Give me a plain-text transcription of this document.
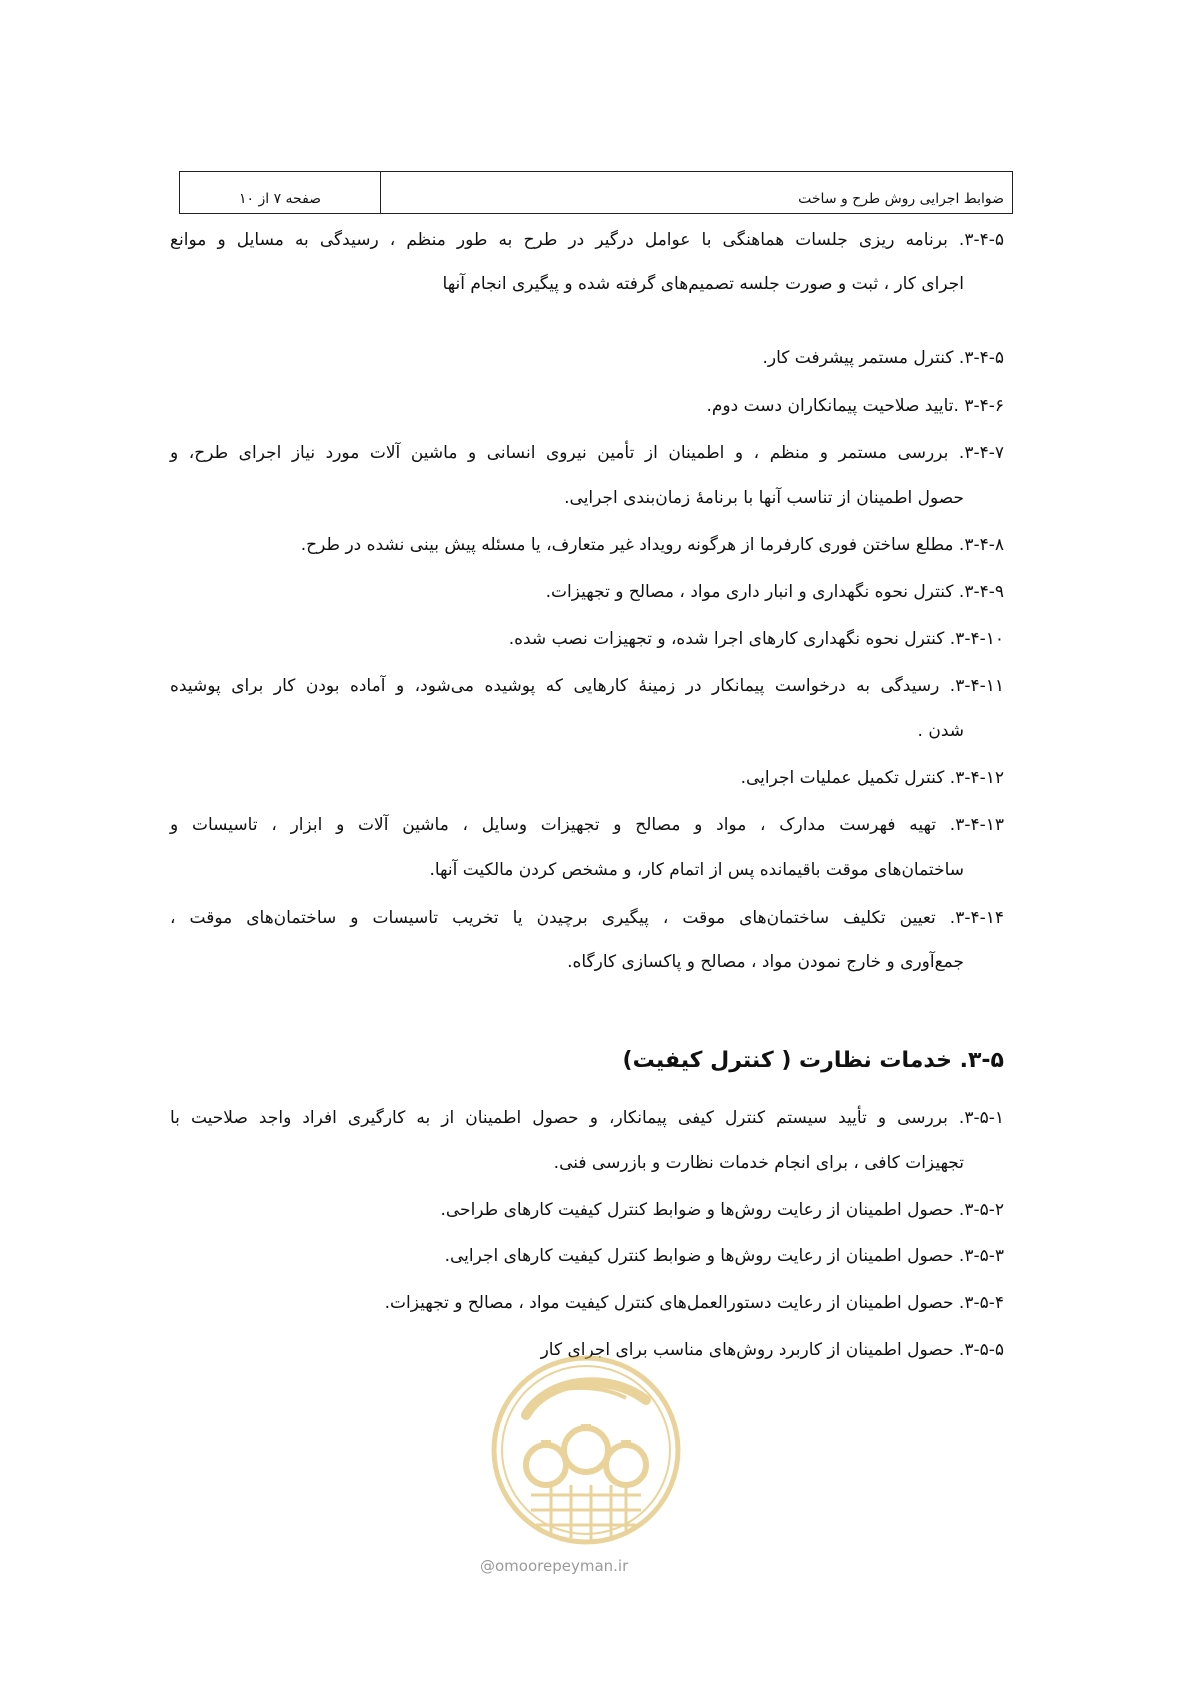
صفحه ۷ از ۱۰	ضوابط اجرایی روش طرح و ساخت
۳-۴-۵. برنامه ریزی جلسات هماهنگی با عوامل درگیر در طرح به طور منظم ، رسیدگی به مسایل و موانع
اجرای کار ، ثبت و صورت جلسه تصمیم‌های گرفته شده و پیگیری انجام آنها
۳-۴-۵. کنترل مستمر پیشرفت کار.
۳-۴-۶ .تایید صلاحیت پیمانکاران دست دوم.
۳-۴-۷. بررسی مستمر و منظم ، و اطمینان از تأمین نیروی انسانی و ماشین آلات مورد نیاز اجرای طرح، و
حصول اطمینان از تناسب آنها با برنامهٔ زمان‌بندی اجرایی.
۳-۴-۸. مطلع ساختن فوری کارفرما از هرگونه رویداد غیر متعارف، یا مسئله پیش بینی نشده در طرح.
۳-۴-۹. کنترل نحوه نگهداری و انبار داری مواد ، مصالح و تجهیزات.
۳-۴-۱۰. کنترل نحوه نگهداری کارهای اجرا شده، و تجهیزات نصب شده.
۳-۴-۱۱. رسیدگی به درخواست پیمانکار در زمینهٔ کارهایی که پوشیده می‌شود، و آماده بودن کار برای پوشیده
شدن .
۳-۴-۱۲. کنترل تکمیل عملیات اجرایی.
۳-۴-۱۳. تهیه فهرست مدارک ، مواد و مصالح و تجهیزات وسایل ، ماشین آلات و ابزار ، تاسیسات و
ساختمان‌های موقت باقیمانده پس از اتمام کار، و مشخص کردن مالکیت آنها.
۳-۴-۱۴. تعیین تکلیف ساختمان‌های موقت ، پیگیری برچیدن یا تخریب تاسیسات و ساختمان‌های موقت ،
جمع‌آوری و خارج نمودن مواد ، مصالح و پاکسازی کارگاه.
۳-۵. خدمات نظارت ( کنترل کیفیت)
۳-۵-۱. بررسی و تأیید سیستم کنترل کیفی پیمانکار، و حصول اطمینان از به کارگیری افراد واجد صلاحیت با
تجهیزات کافی ، برای انجام خدمات نظارت و بازرسی فنی.
۳-۵-۲. حصول اطمینان از رعایت روش‌ها و ضوابط کنترل کیفیت کارهای طراحی.
۳-۵-۳. حصول اطمینان از رعایت روش‌ها و ضوابط کنترل کیفیت کارهای اجرایی.
۳-۵-۴. حصول اطمینان از رعایت دستورالعمل‌های کنترل کیفیت مواد ، مصالح و تجهیزات.
۳-۵-۵. حصول اطمینان از کاربرد روش‌های مناسب برای اجرای کار
@omoorepeyman.ir
